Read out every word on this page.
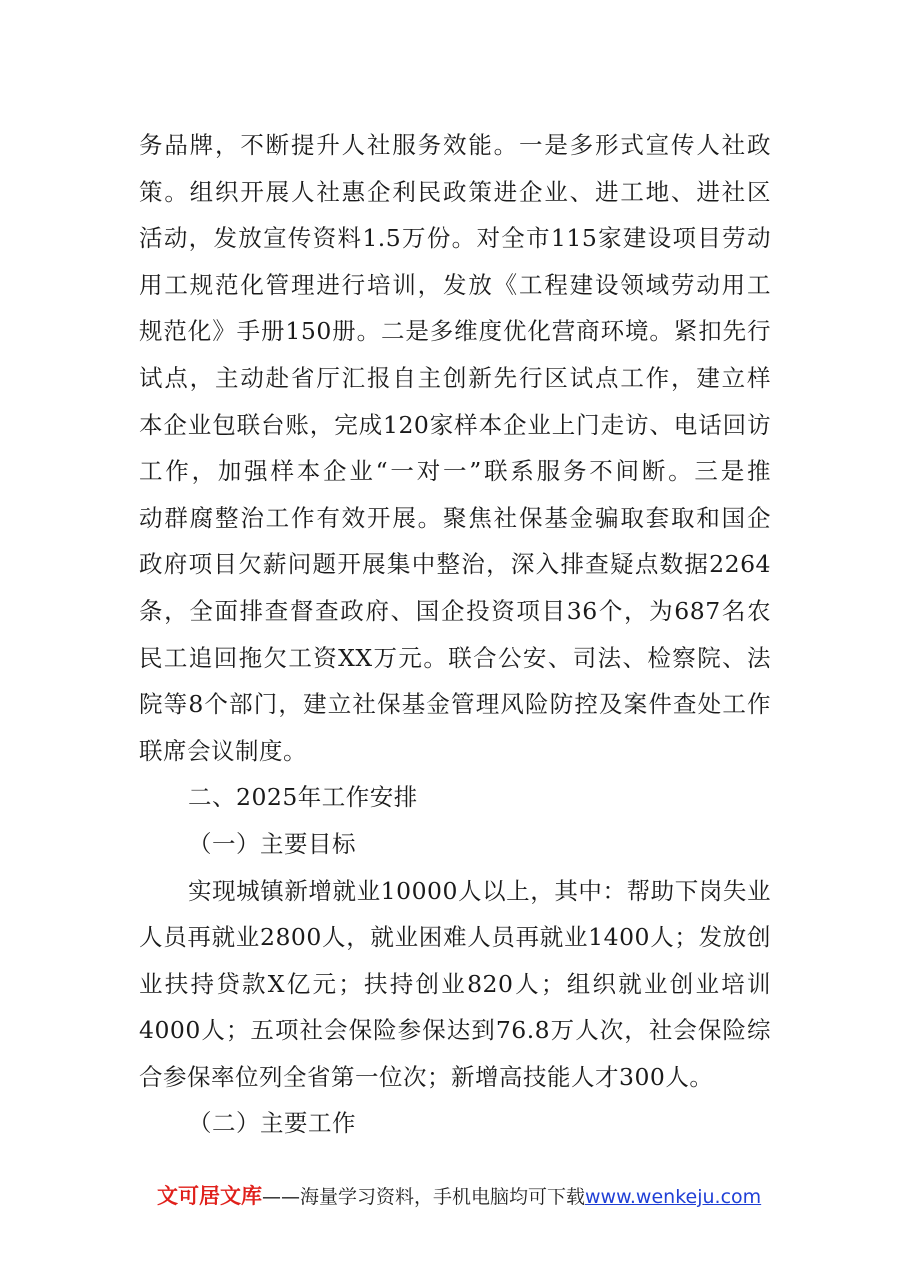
务品牌，不断提升人社服务效能。一是多形式宣传人社政
策。组织开展人社惠企利民政策进企业、进工地、进社区
活动，发放宣传资料1.5万份。对全市115家建设项目劳动
用工规范化管理进行培训，发放《工程建设领域劳动用工
规范化》手册150册。二是多维度优化营商环境。紧扣先行
试点，主动赴省厅汇报自主创新先行区试点工作，建立样
本企业包联台账，完成120家样本企业上门走访、电话回访
工作，加强样本企业“一对一”联系服务不间断。三是推
动群腐整治工作有效开展。聚焦社保基金骗取套取和国企
政府项目欠薪问题开展集中整治，深入排查疑点数据2264
条，全面排查督查政府、国企投资项目36个，为687名农
民工追回拖欠工资XX万元。联合公安、司法、检察院、法
院等8个部门，建立社保基金管理风险防控及案件查处工作
联席会议制度。
二、2025年工作安排
（一）主要目标
实现城镇新增就业10000人以上，其中：帮助下岗失业
人员再就业2800人，就业困难人员再就业1400人；发放创
业扶持贷款X亿元；扶持创业820人；组织就业创业培训
4000人；五项社会保险参保达到76.8万人次，社会保险综
合参保率位列全省第一位次；新增高技能人才300人。
（二）主要工作
文可居文库——海量学习资料，手机电脑均可下载www.wenkeju.com
